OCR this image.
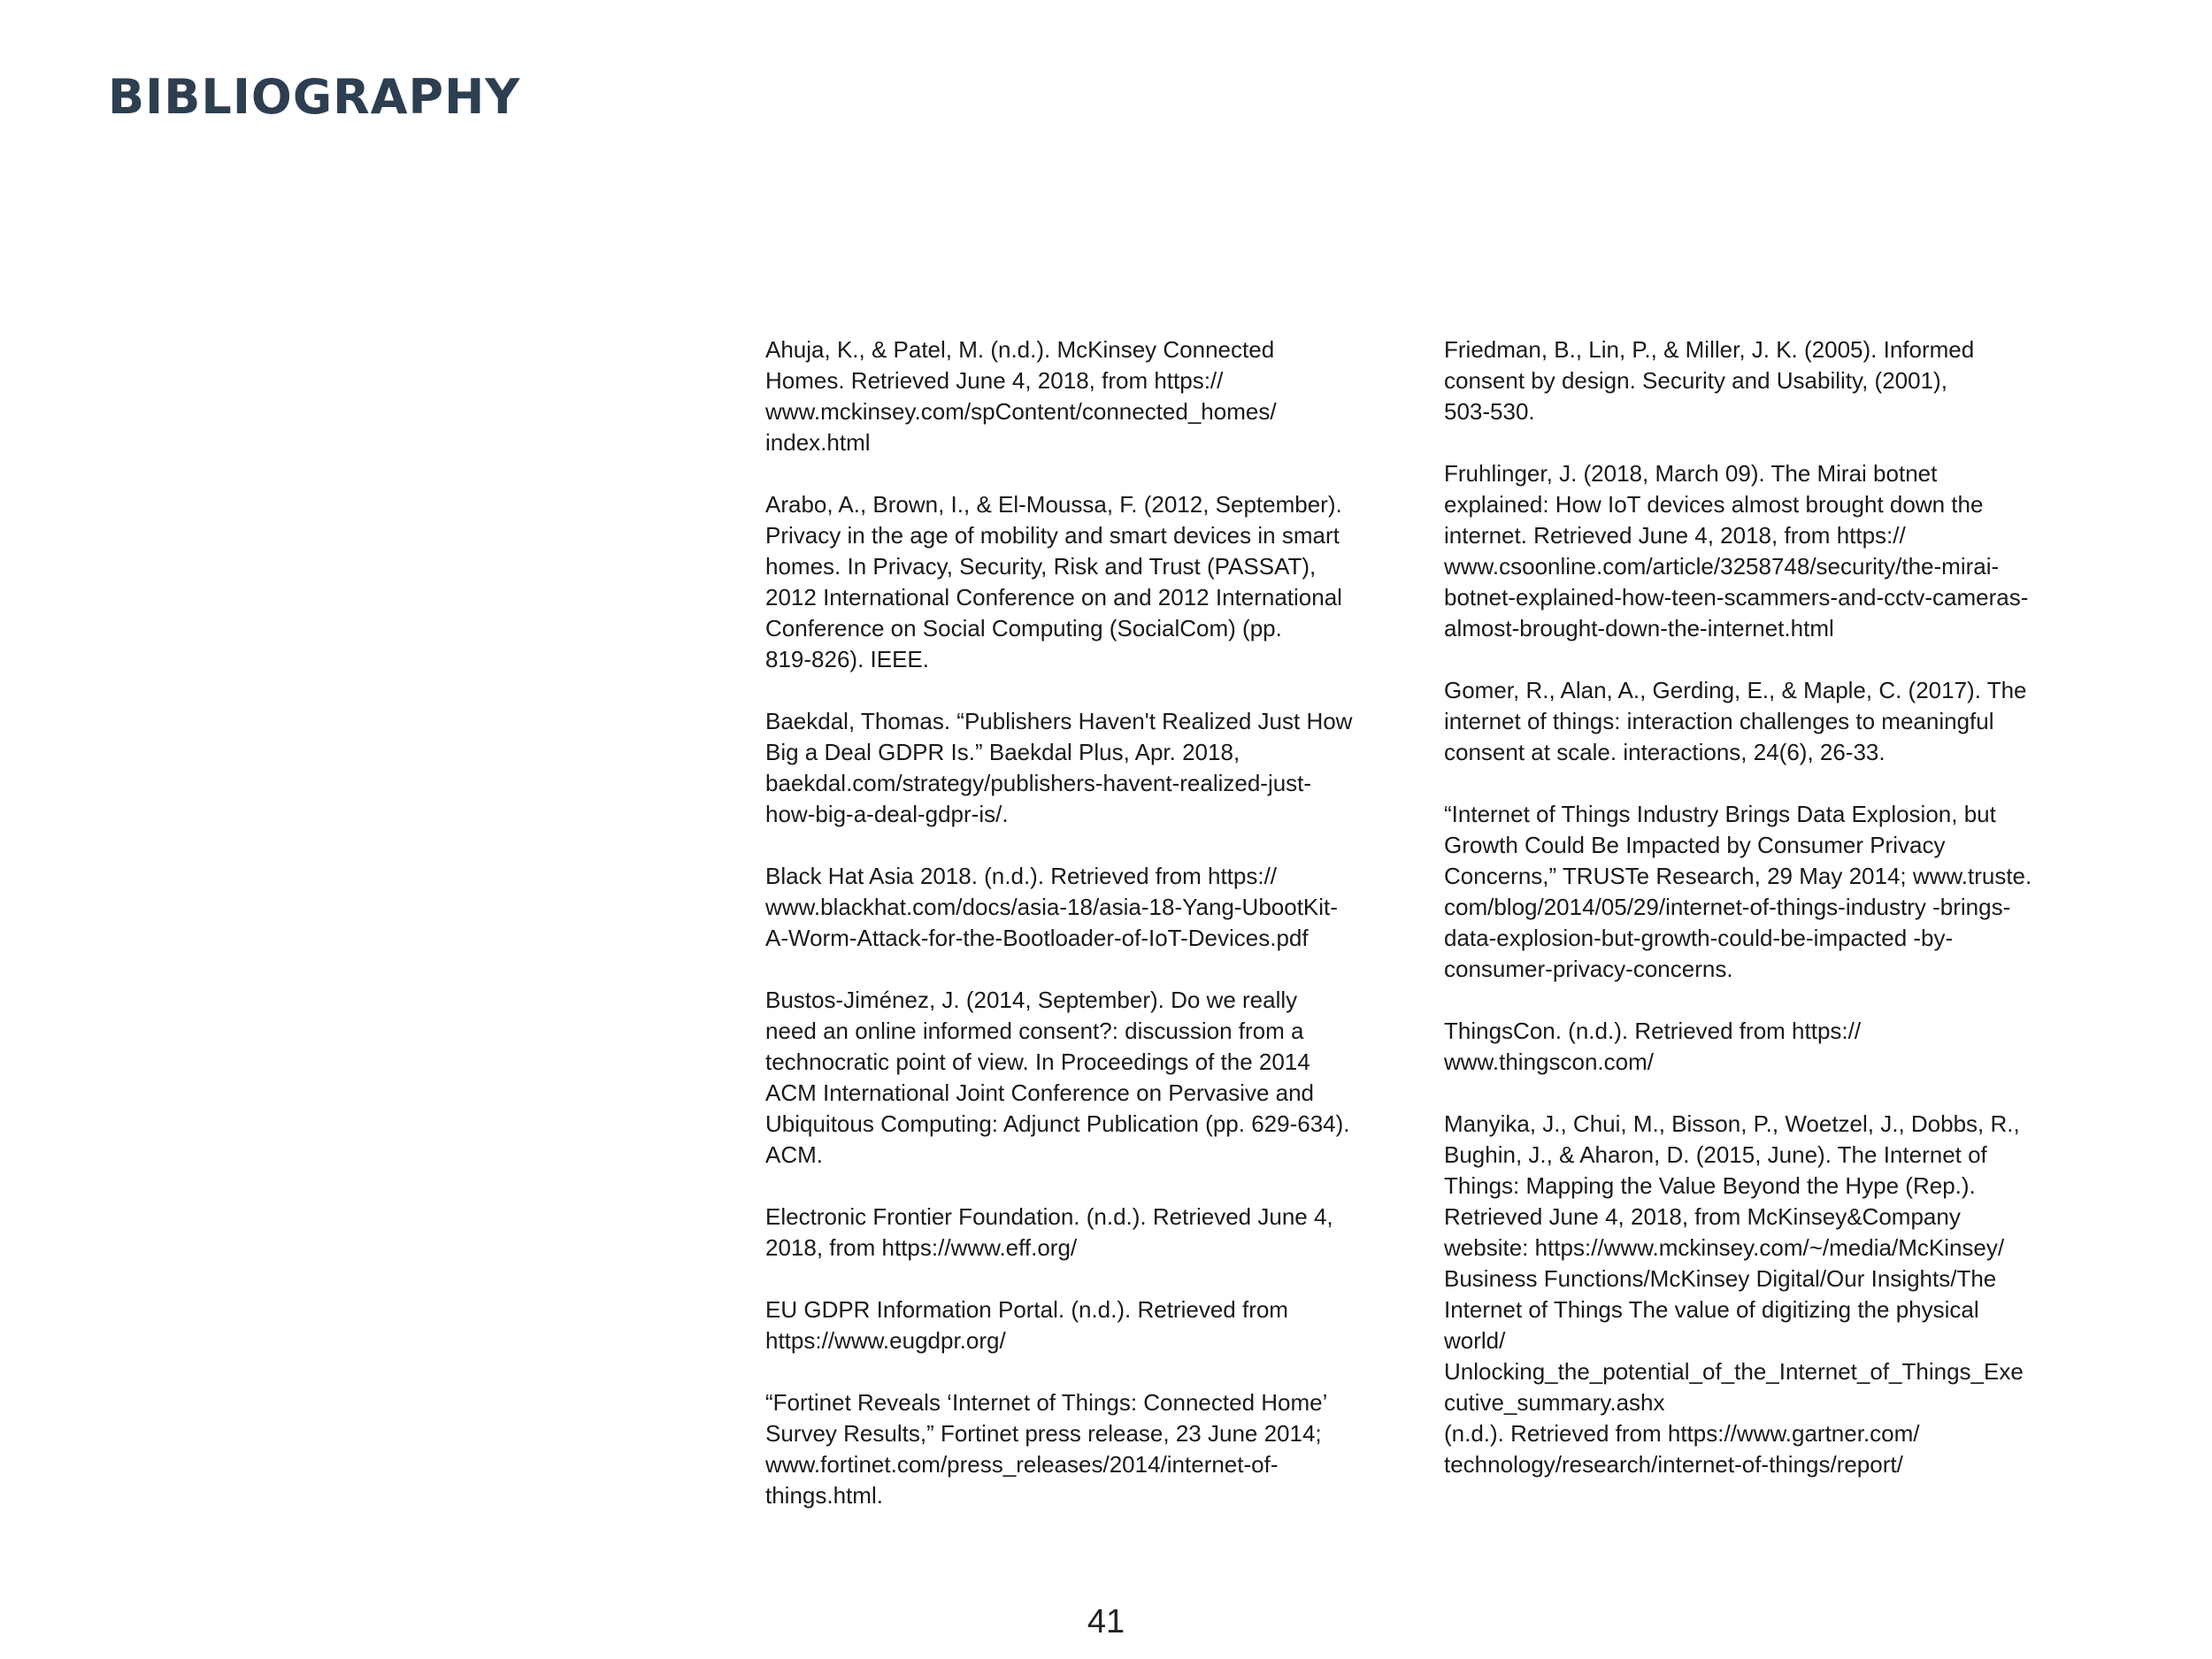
BIBLIOGRAPHY

Ahuja, K., & Patel, M. (n.d.). McKinsey Connected
Homes. Retrieved June 4, 2018, from https://
www.mckinsey.com/spContent/connected_homes/
index.html

Arabo, A., Brown, I., & El-Moussa, F. (2012, September).
Privacy in the age of mobility and smart devices in smart
homes. In Privacy, Security, Risk and Trust (PASSAT),
2012 International Conference on and 2012 International
Conference on Social Computing (SocialCom) (pp.
819-826). IEEE.

Baekdal, Thomas. “Publishers Haven't Realized Just How
Big a Deal GDPR Is.” Baekdal Plus, Apr. 2018,
baekdal.com/strategy/publishers-havent-realized-just-
how-big-a-deal-gdpr-is/.

Black Hat Asia 2018. (n.d.). Retrieved from https://
www.blackhat.com/docs/asia-18/asia-18-Yang-UbootKit-
A-Worm-Attack-for-the-Bootloader-of-IoT-Devices.pdf

Bustos-Jiménez, J. (2014, September). Do we really
need an online informed consent?: discussion from a
technocratic point of view. In Proceedings of the 2014
ACM International Joint Conference on Pervasive and
Ubiquitous Computing: Adjunct Publication (pp. 629-634).
ACM.

Electronic Frontier Foundation. (n.d.). Retrieved June 4,
2018, from https://www.eff.org/

EU GDPR Information Portal. (n.d.). Retrieved from
https://www.eugdpr.org/

“Fortinet Reveals ‘Internet of Things: Connected Home’
Survey Results,” Fortinet press release, 23 June 2014;
www.fortinet.com/press_releases/2014/internet-of-
things.html.

Friedman, B., Lin, P., & Miller, J. K. (2005). Informed
consent by design. Security and Usability, (2001),
503-530.

Fruhlinger, J. (2018, March 09). The Mirai botnet
explained: How IoT devices almost brought down the
internet. Retrieved June 4, 2018, from https://
www.csoonline.com/article/3258748/security/the-mirai-
botnet-explained-how-teen-scammers-and-cctv-cameras-
almost-brought-down-the-internet.html

Gomer, R., Alan, A., Gerding, E., & Maple, C. (2017). The
internet of things: interaction challenges to meaningful
consent at scale. interactions, 24(6), 26-33.

“Internet of Things Industry Brings Data Explosion, but
Growth Could Be Impacted by Consumer Privacy
Concerns,” TRUSTe Research, 29 May 2014; www.truste.
com/blog/2014/05/29/internet-of-things-industry -brings-
data-explosion-but-growth-could-be-impacted -by-
consumer-privacy-concerns.

ThingsCon. (n.d.). Retrieved from https://
www.thingscon.com/

Manyika, J., Chui, M., Bisson, P., Woetzel, J., Dobbs, R.,
Bughin, J., & Aharon, D. (2015, June). The Internet of
Things: Mapping the Value Beyond the Hype (Rep.).
Retrieved June 4, 2018, from McKinsey&Company
website: https://www.mckinsey.com/~/media/McKinsey/
Business Functions/McKinsey Digital/Our Insights/The
Internet of Things The value of digitizing the physical
world/
Unlocking_the_potential_of_the_Internet_of_Things_Exe
cutive_summary.ashx
(n.d.). Retrieved from https://www.gartner.com/
technology/research/internet-of-things/report/

41
